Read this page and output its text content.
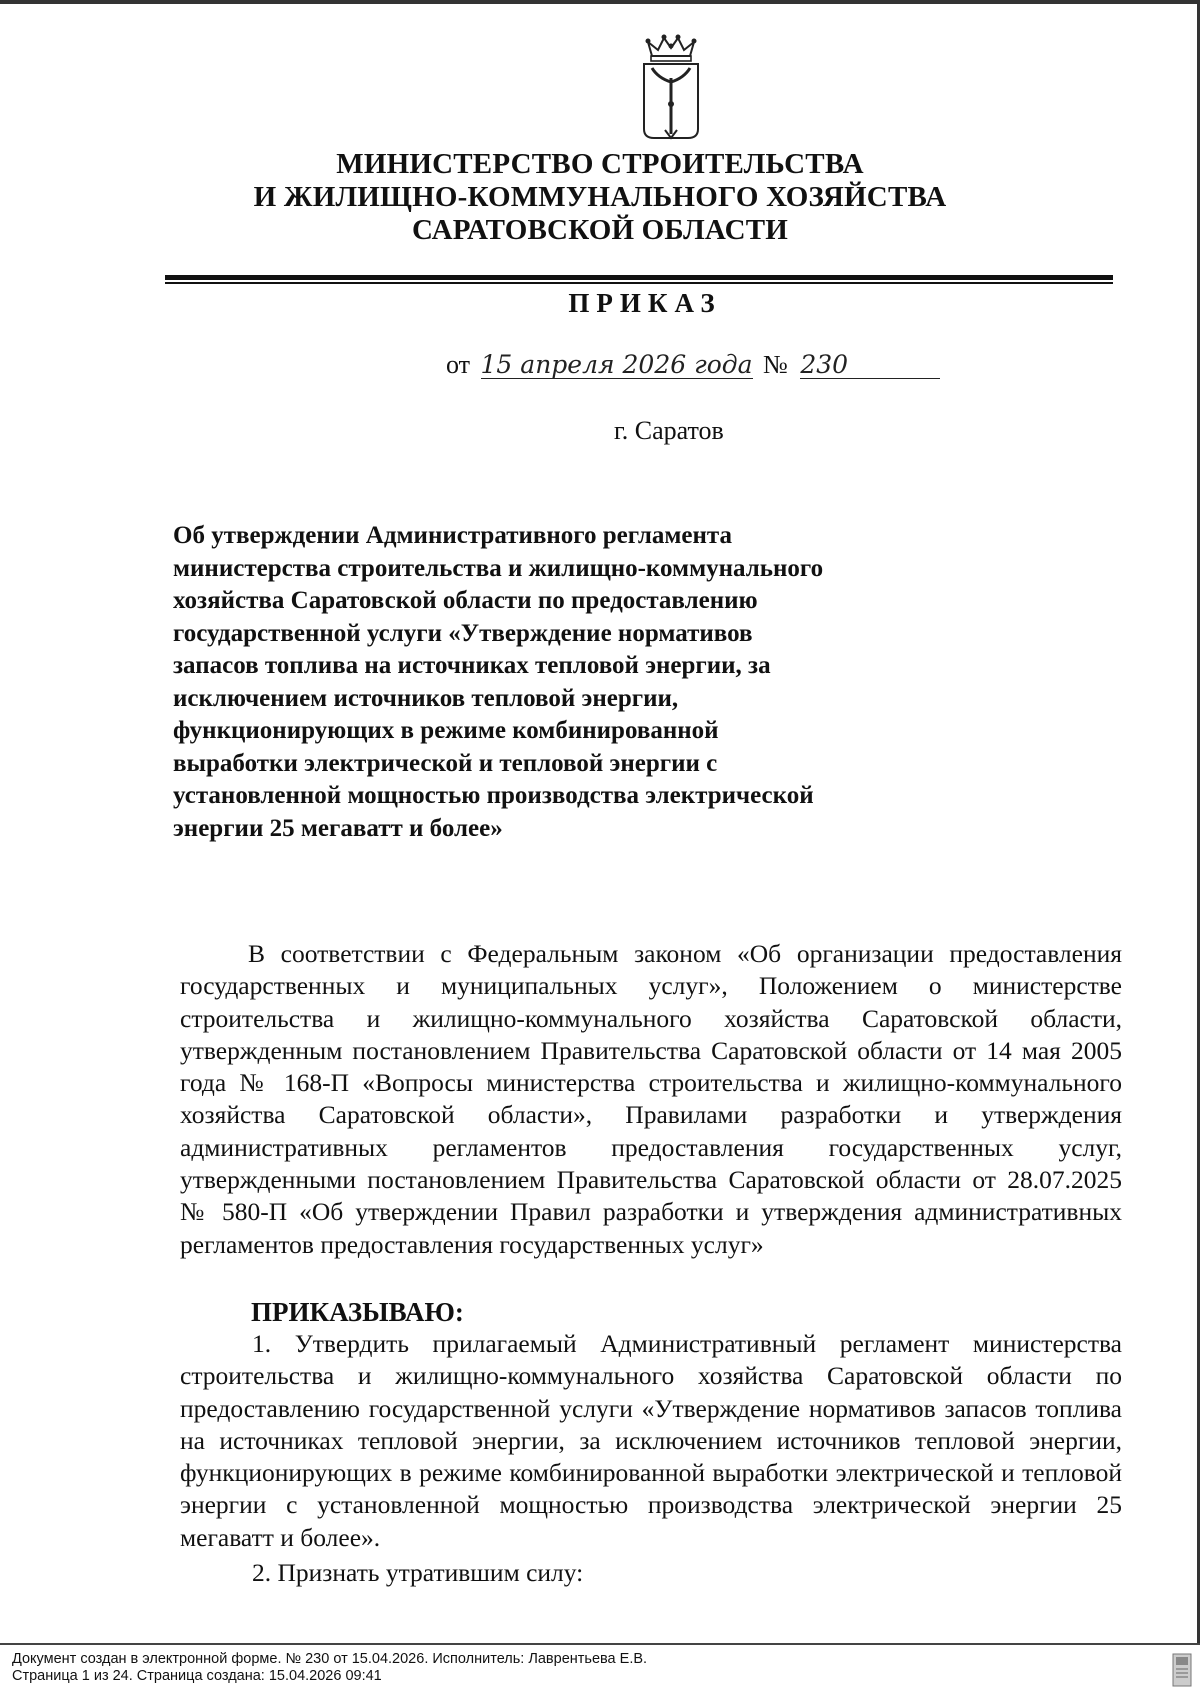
МИНИСТЕРСТВО СТРОИТЕЛЬСТВА
И ЖИЛИЩНО-КОММУНАЛЬНОГО ХОЗЯЙСТВА
САРАТОВСКОЙ ОБЛАСТИ
ПРИКАЗ
от 15 апреля 2026 года № 230
г. Саратов
Об утверждении Административного регламента министерства строительства и жилищно-коммунального хозяйства Саратовской области по предоставлению государственной услуги «Утверждение нормативов запасов топлива на источниках тепловой энергии, за исключением источников тепловой энергии, функционирующих в режиме комбинированной выработки электрической и тепловой энергии с установленной мощностью производства электрической энергии 25 мегаватт и более»
В соответствии с Федеральным законом «Об организации предоставления государственных и муниципальных услуг», Положением о министерстве строительства и жилищно-коммунального хозяйства Саратовской области, утвержденным постановлением Правительства Саратовской области от 14 мая 2005 года № 168-П «Вопросы министерства строительства и жилищно-коммунального хозяйства Саратовской области», Правилами разработки и утверждения административных регламентов предоставления государственных услуг, утвержденными постановлением Правительства Саратовской области от 28.07.2025 № 580-П «Об утверждении Правил разработки и утверждения административных регламентов предоставления государственных услуг»
ПРИКАЗЫВАЮ:
1. Утвердить прилагаемый Административный регламент министерства строительства и жилищно-коммунального хозяйства Саратовской области по предоставлению государственной услуги «Утверждение нормативов запасов топлива на источниках тепловой энергии, за исключением источников тепловой энергии, функционирующих в режиме комбинированной выработки электрической и тепловой энергии с установленной мощностью производства электрической энергии 25 мегаватт и более».
2. Признать утратившим силу:
Документ создан в электронной форме. № 230 от 15.04.2026. Исполнитель: Лаврентьева Е.В.
Страница 1 из 24. Страница создана: 15.04.2026 09:41
